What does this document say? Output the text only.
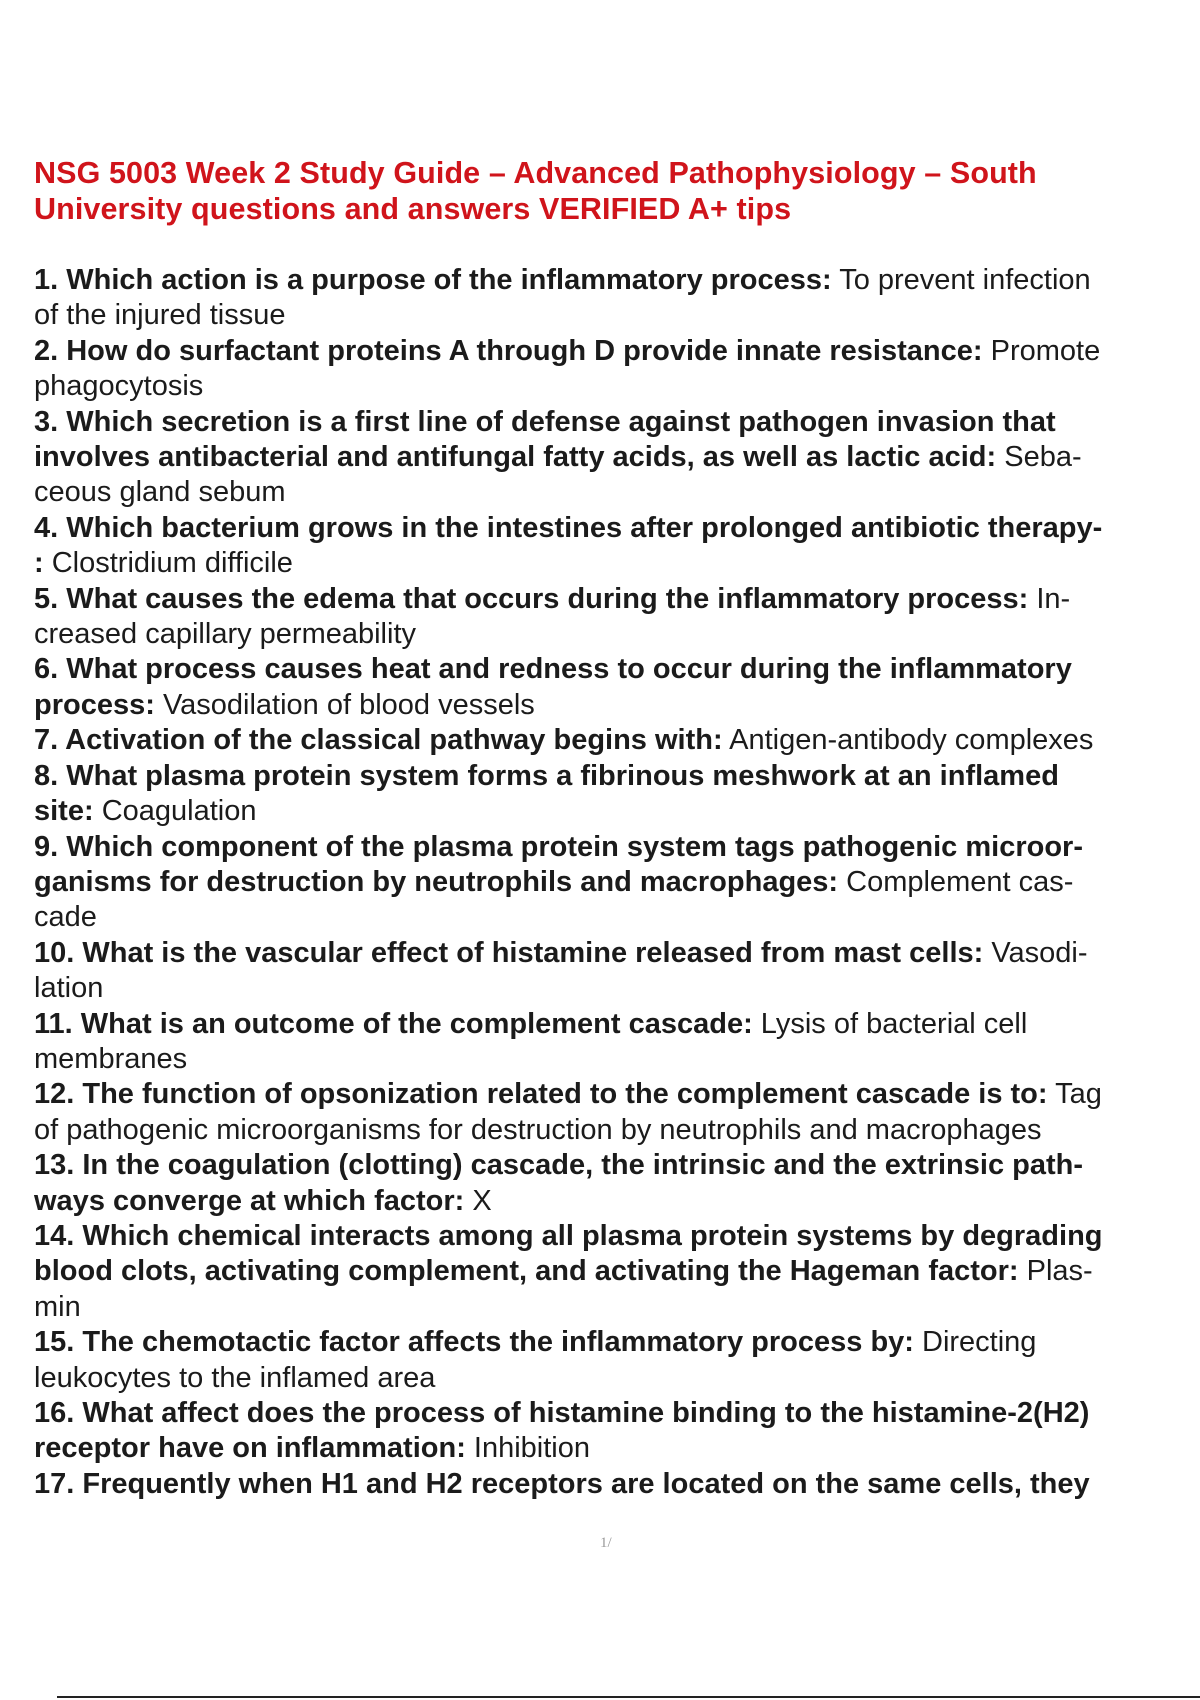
NSG 5003 Week 2 Study Guide – Advanced Pathophysiology – South
University questions and answers VERIFIED A+ tips
1. Which action is a purpose of the inflammatory process: To prevent infection
of the injured tissue
2. How do surfactant proteins A through D provide innate resistance: Promote
phagocytosis
3. Which secretion is a first line of defense against pathogen invasion that
involves antibacterial and antifungal fatty acids, as well as lactic acid: Seba-
ceous gland sebum
4. Which bacterium grows in the intestines after prolonged antibiotic therapy-
: Clostridium difficile
5. What causes the edema that occurs during the inflammatory process: In-
creased capillary permeability
6. What process causes heat and redness to occur during the inflammatory
process: Vasodilation of blood vessels
7. Activation of the classical pathway begins with: Antigen-antibody complexes
8. What plasma protein system forms a fibrinous meshwork at an inflamed
site: Coagulation
9. Which component of the plasma protein system tags pathogenic microor-
ganisms for destruction by neutrophils and macrophages: Complement cas-
cade
10. What is the vascular effect of histamine released from mast cells: Vasodi-
lation
11. What is an outcome of the complement cascade: Lysis of bacterial cell
membranes
12. The function of opsonization related to the complement cascade is to: Tag
of pathogenic microorganisms for destruction by neutrophils and macrophages
13. In the coagulation (clotting) cascade, the intrinsic and the extrinsic path-
ways converge at which factor: X
14. Which chemical interacts among all plasma protein systems by degrading
blood clots, activating complement, and activating the Hageman factor: Plas-
min
15. The chemotactic factor affects the inflammatory process by: Directing
leukocytes to the inflamed area
16. What affect does the process of histamine binding to the histamine-2(H2)
receptor have on inflammation: Inhibition
17. Frequently when H1 and H2 receptors are located on the same cells, they
1/
